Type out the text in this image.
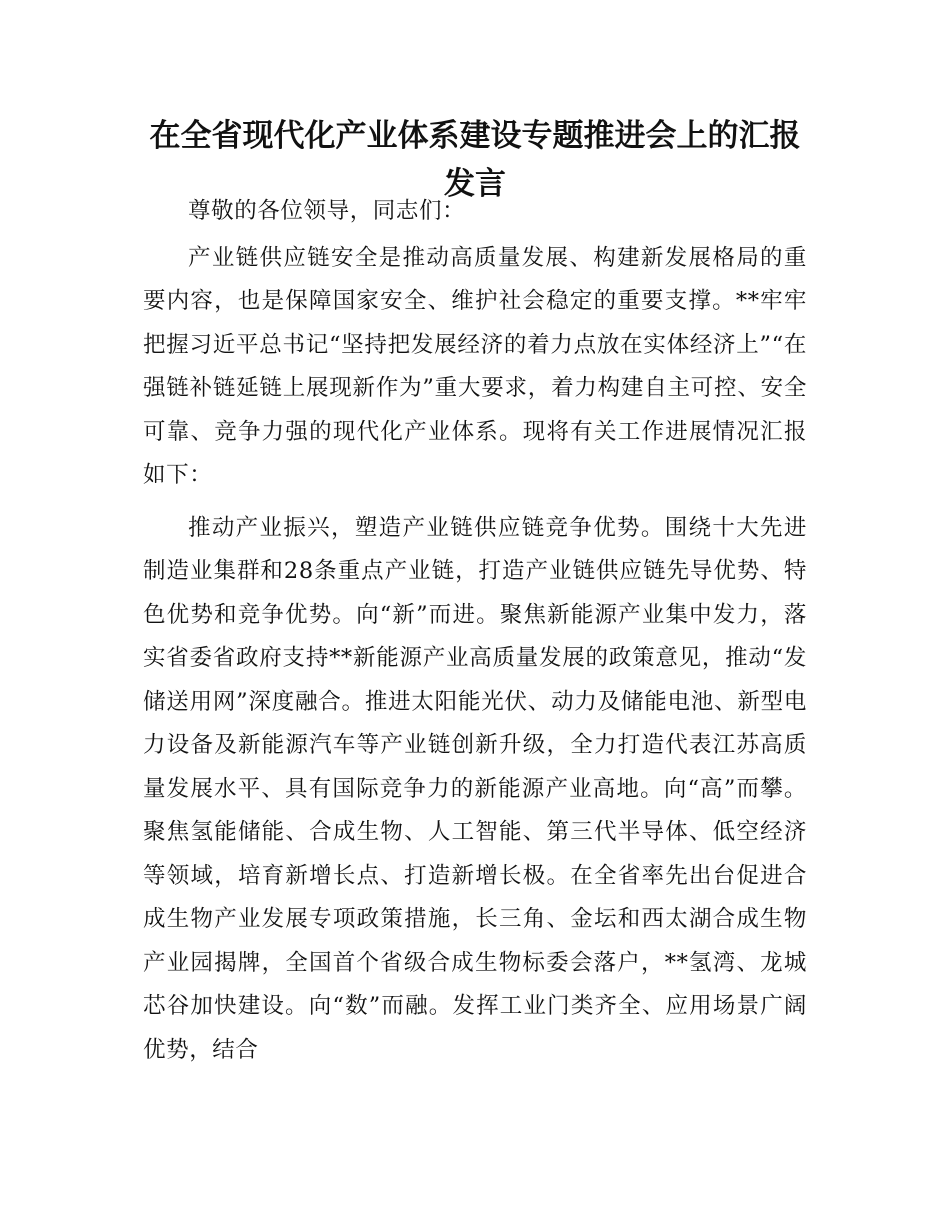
在全省现代化产业体系建设专题推进会上的汇报发言

尊敬的各位领导，同志们：

产业链供应链安全是推动高质量发展、构建新发展格局的重要内容，也是保障国家安全、维护社会稳定的重要支撑。**牢牢把握习近平总书记“坚持把发展经济的着力点放在实体经济上”“在强链补链延链上展现新作为”重大要求，着力构建自主可控、安全可靠、竞争力强的现代化产业体系。现将有关工作进展情况汇报如下：

推动产业振兴，塑造产业链供应链竞争优势。围绕十大先进制造业集群和28条重点产业链，打造产业链供应链先导优势、特色优势和竞争优势。向“新”而进。聚焦新能源产业集中发力，落实省委省政府支持**新能源产业高质量发展的政策意见，推动“发储送用网”深度融合。推进太阳能光伏、动力及储能电池、新型电力设备及新能源汽车等产业链创新升级，全力打造代表江苏高质量发展水平、具有国际竞争力的新能源产业高地。向“高”而攀。聚焦氢能储能、合成生物、人工智能、第三代半导体、低空经济等领域，培育新增长点、打造新增长极。在全省率先出台促进合成生物产业发展专项政策措施，长三角、金坛和西太湖合成生物产业园揭牌，全国首个省级合成生物标委会落户，**氢湾、龙城芯谷加快建设。向“数”而融。发挥工业门类齐全、应用场景广阔优势，结合
